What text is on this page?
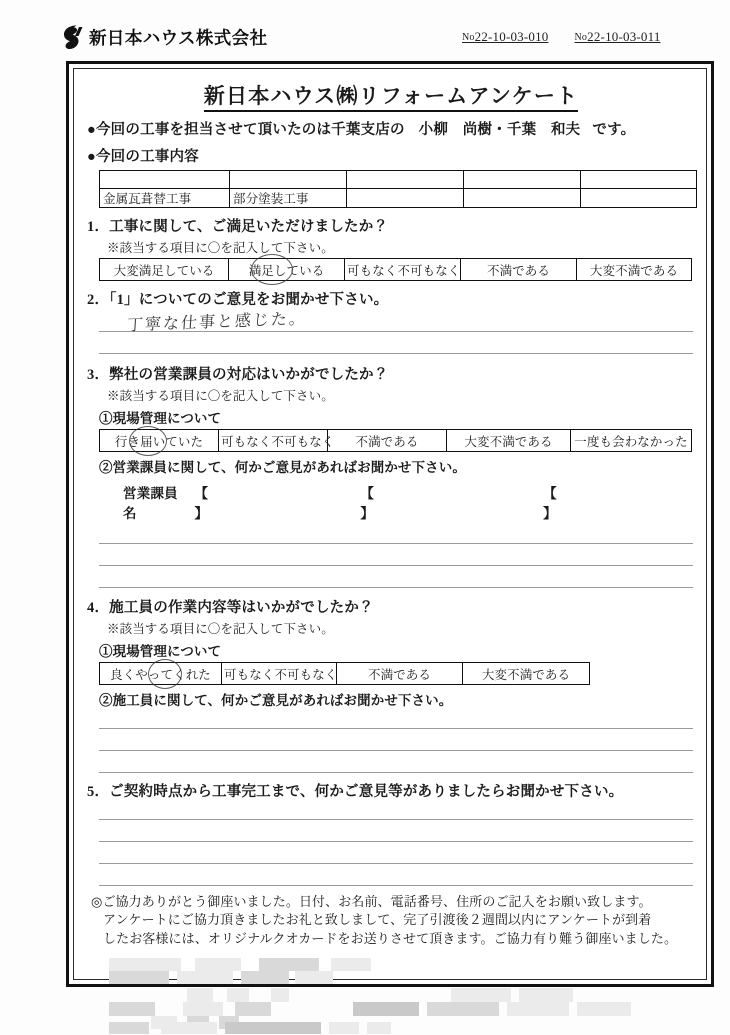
新日本ハウス株式会社	No22-10-03-010	No22-10-03-011
新日本ハウス㈱リフォームアンケート
●今回の工事を担当させて頂いたのは千葉支店の 小柳　尚樹・千葉　和夫 です。
●今回の工事内容

金属瓦葺替工事	部分塗装工事			
1．工事に関して、ご満足いただけましたか？
※該当する項目に〇を記入して下さい。
大変満足している	満足している	可もなく不可もなく	不満である	大変不満である
2．「1」についてのご意見をお聞かせ下さい。
丁寧な仕事と感じた。
3．弊社の営業課員の対応はいかがでしたか？
※該当する項目に〇を記入して下さい。
①現場管理について
行き届いていた	可もなく不可もなく	不満である	大変不満である	一度も会わなかった
②営業課員に関して、何かご意見があればお聞かせ下さい。
営業課員名
【】
【】
【】
4．施工員の作業内容等はいかがでしたか？
※該当する項目に〇を記入して下さい。
①現場管理について
良くやってくれた	可もなく不可もなく	不満である	大変不満である
②施工員に関して、何かご意見があればお聞かせ下さい。
5．ご契約時点から工事完工まで、何かご意見等がありましたらお聞かせ下さい。
◎ご協力ありがとう御座いました。日付、お名前、電話番号、住所のご記入をお願い致します。
アンケートにご協力頂きましたお礼と致しまして、完了引渡後２週間以内にアンケートが到着
したお客様には、オリジナルクオカードをお送りさせて頂きます。ご協力有り難う御座いました。
